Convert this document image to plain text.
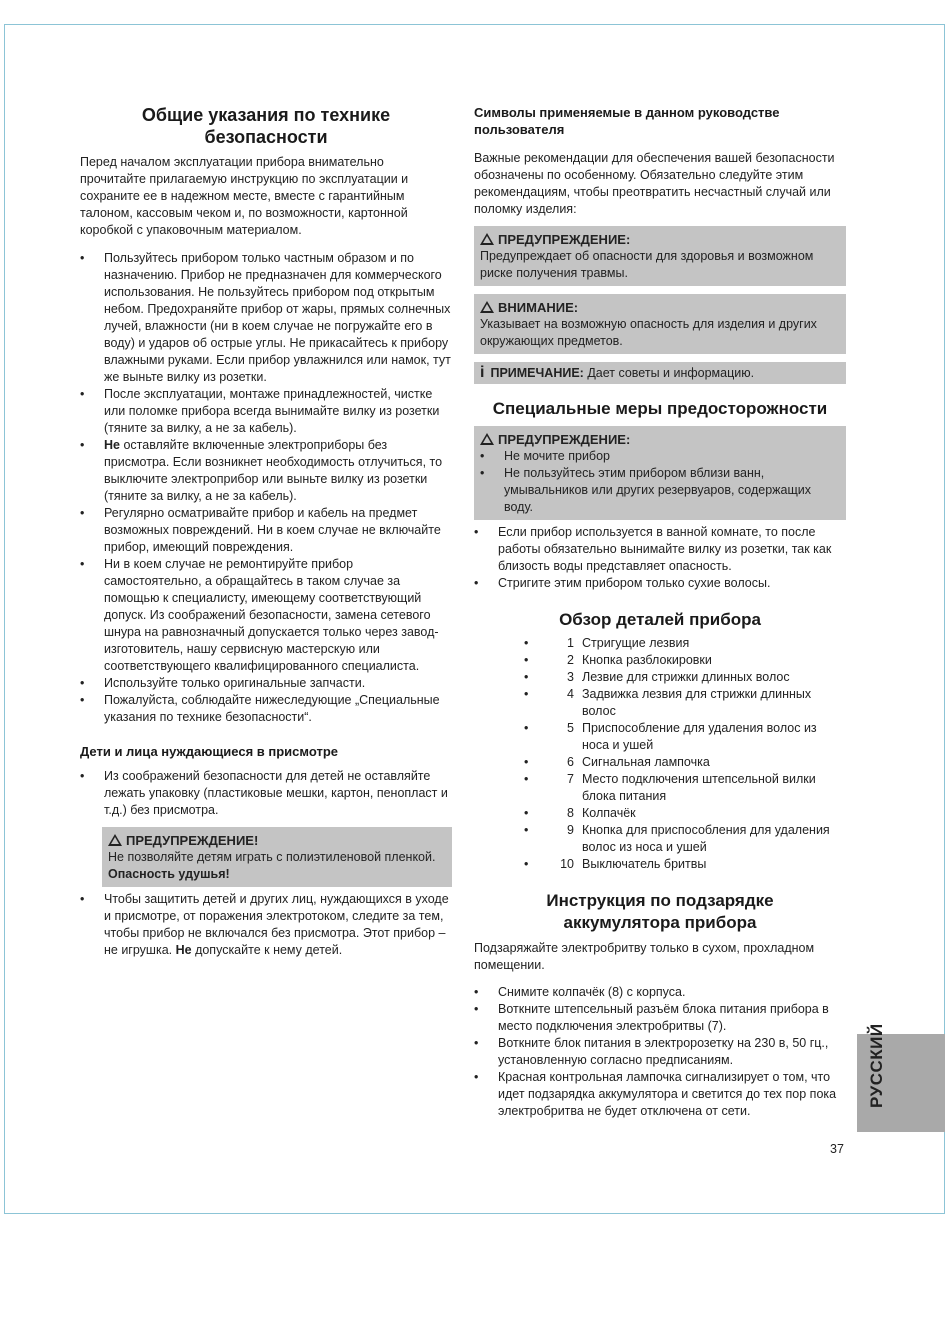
Общие указания по технике безопасности

Перед началом эксплуатации прибора внимательно прочитайте прилагаемую инструкцию по эксплуатации и сохраните ее в надежном месте, вместе с гарантийным талоном, кассовым чеком и, по возможности, картонной коробкой с упаковочным материалом.

• Пользуйтесь прибором только частным образом и по назначению. Прибор не предназначен для коммерческого использования. Не пользуйтесь прибором под открытым небом. Предохраняйте прибор от жары, прямых солнечных лучей, влажности (ни в коем случае не погружайте его в воду) и ударов об острые углы. Не прикасайтесь к прибору влажными руками. Если прибор увлажнился или намок, тут же выньте вилку из розетки.
• После эксплуатации, монтаже принадлежностей, чистке или поломке прибора всегда вынимайте вилку из розетки (тяните за вилку, а не за кабель).
• Не оставляйте включенные электроприборы без присмотра. Если возникнет необходимость отлучиться, то выключите электроприбор или выньте вилку из розетки (тяните за вилку, а не за кабель).
• Регулярно осматривайте прибор и кабель на предмет возможных повреждений. Ни в коем случае не включайте прибор, имеющий повреждения.
• Ни в коем случае не ремонтируйте прибор самостоятельно, а обращайтесь в таком случае за помощью к специалисту, имеющему соответствующий допуск. Из соображений безопасности, замена сетевого шнура на равнозначный допускается только через завод-изготовитель, нашу сервисную мастерскую или соответствующего квалифицированного специалиста.
• Используйте только оригинальные запчасти.
• Пожалуйста, соблюдайте нижеследующие „Специальные указания по технике безопасности“.
Дети и лица нуждающиеся в присмотре
• Из соображений безопасности для детей не оставляйте лежать упаковку (пластиковые мешки, картон, пенопласт и т.д.) без присмотра.
ПРЕДУПРЕЖДЕНИЕ!
Не позволяйте детям играть с полиэтиленовой пленкой. Опасность удушья!
• Чтобы защитить детей и других лиц, нуждающихся в уходе и присмотре, от поражения электротоком, следите за тем, чтобы прибор не включался без присмотра. Этот прибор – не игрушка. Не допускайте к нему детей.
Символы применяемые в данном руководстве пользователя

Важные рекомендации для обеспечения вашей безопасности обозначены по особенному. Обязательно следуйте этим рекомендациям, чтобы преотвратить несчастный случай или поломку изделия:

ПРЕДУПРЕЖДЕНИЕ:
Предупреждает об опасности для здоровья и возможном риске получения травмы.
ВНИМАНИЕ:
Указывает на возможную опасность для изделия и других окружающих предметов.
i ПРИМЕЧАНИЕ: Дает советы и информацию.
Специальные меры предосторожности
ПРЕДУПРЕЖДЕНИЕ:
• Не мочите прибор
• Не пользуйтесь этим прибором вблизи ванн, умывальников или других резервуаров, содержащих воду.
• Если прибор используется в ванной комнате, то после работы обязательно вынимайте вилку из розетки, так как близость воды представляет опасность.
• Стригите этим прибором только сухие волосы.
Обзор деталей прибора
• 1 Стригущие лезвия
• 2 Кнопка разблокировки
• 3 Лезвие для стрижки длинных волос
• 4 Задвижка лезвия для стрижки длинных волос
• 5 Приспособление для удаления волос из носа и ушей
• 6 Сигнальная лампочка
• 7 Место подключения штепсельной вилки блока питания
• 8 Колпачёк
• 9 Кнопка для приспособления для удаления волос из носа и ушей
• 10 Выключатель бритвы
Инструкция по подзарядке аккумулятора прибора

Подзаряжайте электробритву только в сухом, прохладном помещении.

• Снимите колпачёк (8) с корпуса.
• Воткните штепсельный разъём блока питания прибора в место подключения электробритвы (7).
• Воткните блок питания в электророзетку на 230 в, 50 гц., установленную согласно предписаниям.
• Красная контрольная лампочка сигнализирует о том, что идет подзарядка аккумулятора и светится до тех пор пока электробритва не будет отключена от сети.
РУССКИЙ
37
